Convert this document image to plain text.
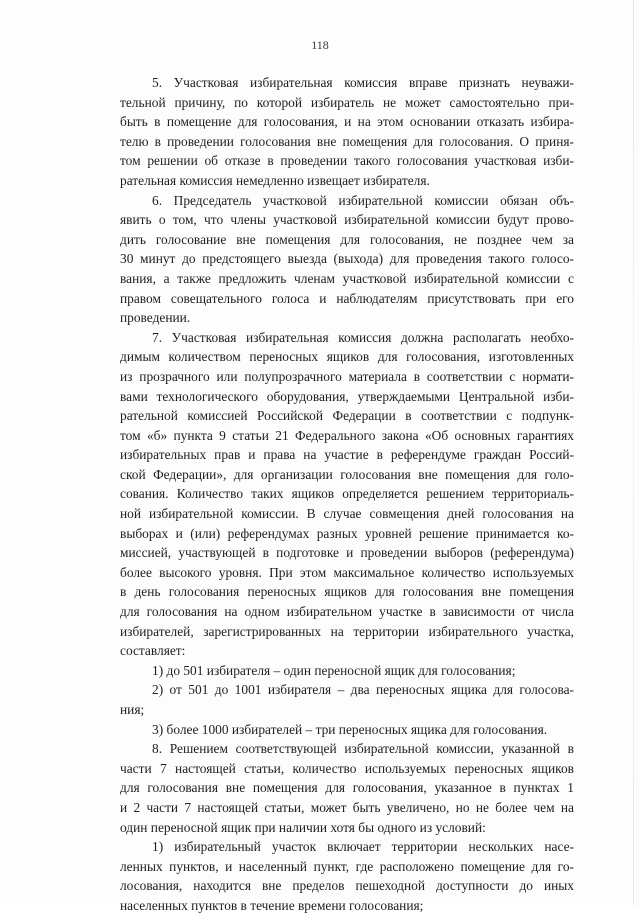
118

5. Участковая избирательная комиссия вправе признать неуважи-
тельной причину, по которой избиратель не может самостоятельно при-
быть в помещение для голосования, и на этом основании отказать избира-
телю в проведении голосования вне помещения для голосования. О приня-
том решении об отказе в проведении такого голосования участковая изби-
рательная комиссия немедленно извещает избирателя.

6. Председатель участковой избирательной комиссии обязан объ-
явить о том, что члены участковой избирательной комиссии будут прово-
дить голосование вне помещения для голосования, не позднее чем за
30 минут до предстоящего выезда (выхода) для проведения такого голосо-
вания, а также предложить членам участковой избирательной комиссии с
правом совещательного голоса и наблюдателям присутствовать при его
проведении.

7. Участковая избирательная комиссия должна располагать необхо-
димым количеством переносных ящиков для голосования, изготовленных
из прозрачного или полупрозрачного материала в соответствии с нормати-
вами технологического оборудования, утверждаемыми Центральной изби-
рательной комиссией Российской Федерации в соответствии с подпунк-
том «б» пункта 9 статьи 21 Федерального закона «Об основных гарантиях
избирательных прав и права на участие в референдуме граждан Россий-
ской Федерации», для организации голосования вне помещения для голо-
сования. Количество таких ящиков определяется решением территориаль-
ной избирательной комиссии. В случае совмещения дней голосования на
выборах и (или) референдумах разных уровней решение принимается ко-
миссией, участвующей в подготовке и проведении выборов (референдума)
более высокого уровня. При этом максимальное количество используемых
в день голосования переносных ящиков для голосования вне помещения
для голосования на одном избирательном участке в зависимости от числа
избирателей, зарегистрированных на территории избирательного участка,
составляет:

1) до 501 избирателя – один переносной ящик для голосования;

2) от 501 до 1001 избирателя – два переносных ящика для голосова-
ния;

3) более 1000 избирателей – три переносных ящика для голосования.

8. Решением соответствующей избирательной комиссии, указанной в
части 7 настоящей статьи, количество используемых переносных ящиков
для голосования вне помещения для голосования, указанное в пунктах 1
и 2 части 7 настоящей статьи, может быть увеличено, но не более чем на
один переносной ящик при наличии хотя бы одного из условий:

1) избирательный участок включает территории нескольких насе-
ленных пунктов, и населенный пункт, где расположено помещение для го-
лосования, находится вне пределов пешеходной доступности до иных
населенных пунктов в течение времени голосования;
